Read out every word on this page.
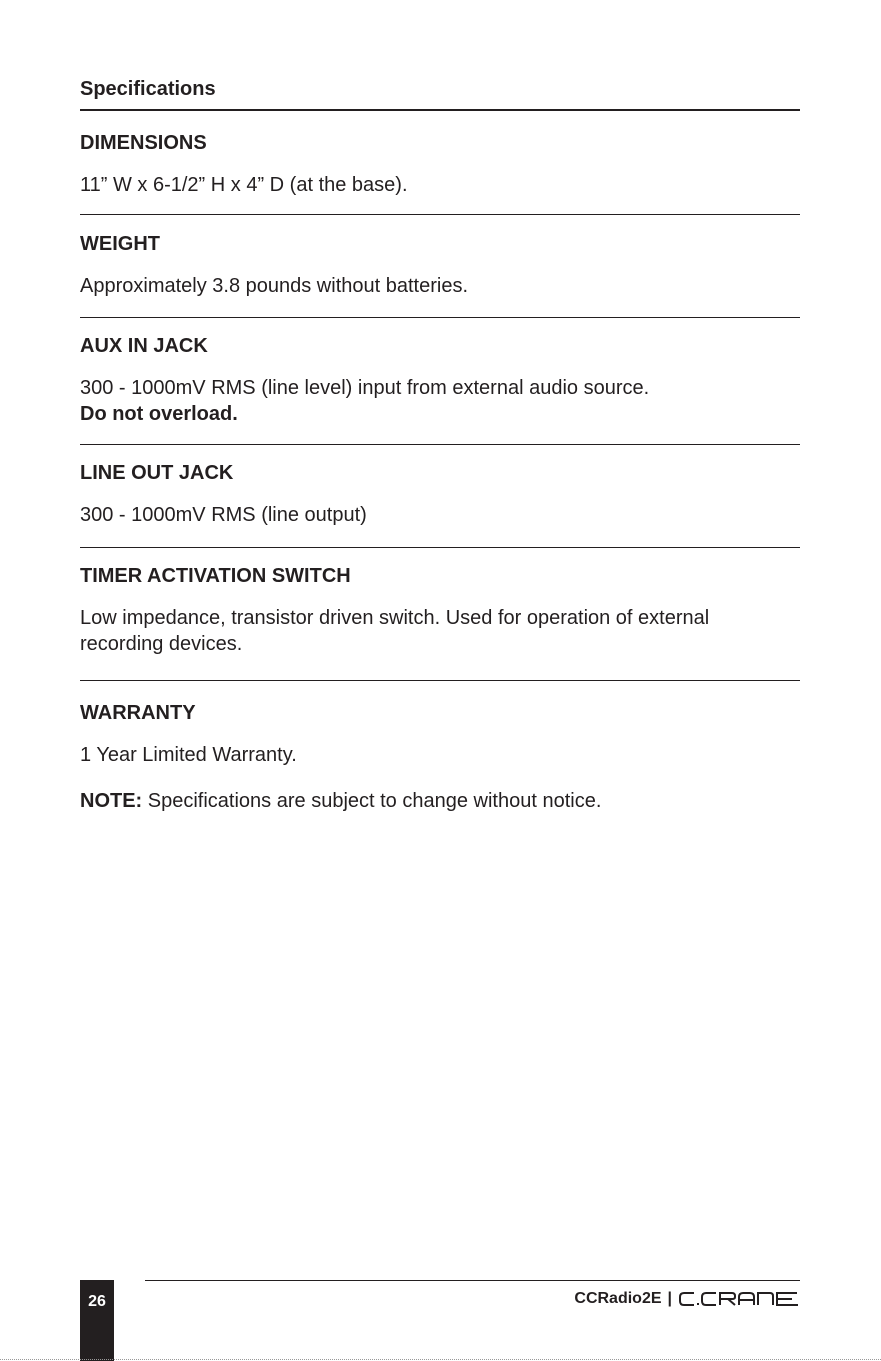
Specifications
DIMENSIONS

11” W x 6-1/2” H x 4” D (at the base).

WEIGHT

Approximately 3.8 pounds without batteries.

AUX IN JACK

300 - 1000mV RMS (line level) input from external audio source.

Do not overload.

LINE OUT JACK

300 - 1000mV RMS (line output)

TIMER ACTIVATION SWITCH

Low impedance, transistor driven switch. Used for operation of external

recording devices.

WARRANTY

1 Year Limited Warranty.

NOTE: Specifications are subject to change without notice.

26	CCRadio2E |
